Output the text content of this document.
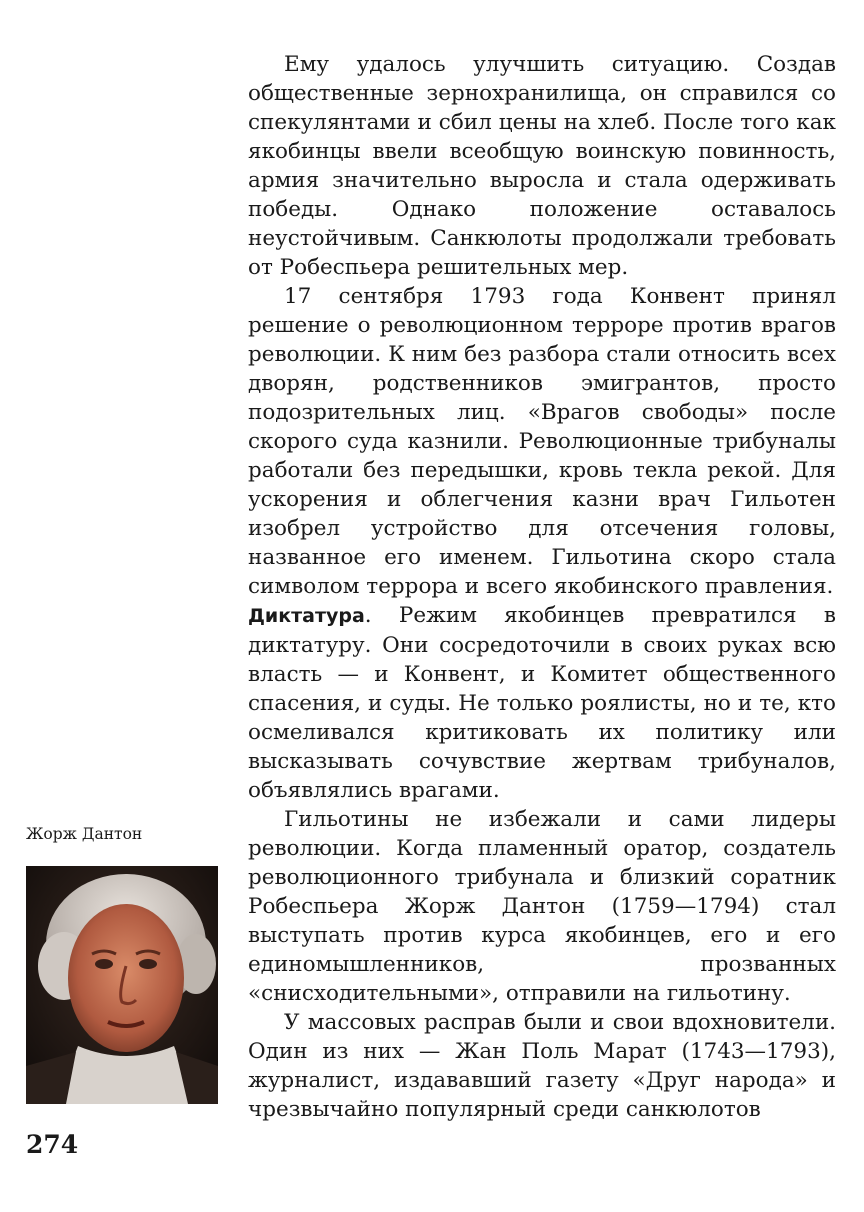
Ему удалось улучшить ситуацию. Создав общественные зернохранилища, он справился со спекулянтами и сбил цены на хлеб. После того как якобинцы ввели всеобщую воинскую повинность, армия значительно выросла и стала одерживать победы. Однако положение оставалось неустойчивым. Санкюлоты продолжали требовать от Робеспьера решительных мер.

17 сентября 1793 года Конвент принял решение о революционном терроре против врагов революции. К ним без разбора стали относить всех дворян, родственников эмигрантов, просто подозрительных лиц. «Врагов свободы» после скорого суда казнили. Революционные трибуналы работали без передышки, кровь текла рекой. Для ускорения и облегчения казни врач Гильотен изобрел устройство для отсечения головы, названное его именем. Гильотина скоро стала символом террора и всего якобинского правления.

Диктатура. Режим якобинцев превратился в диктатуру. Они сосредоточили в своих руках всю власть — и Конвент, и Комитет общественного спасения, и суды. Не только роялисты, но и те, кто осмеливался критиковать их политику или высказывать сочувствие жертвам трибуналов, объявлялись врагами.

Гильотины не избежали и сами лидеры революции. Когда пламенный оратор, создатель революционного трибунала и близкий соратник Робеспьера Жорж Дантон (1759—1794) стал выступать против курса якобинцев, его и его единомышленников, прозванных «снисходительными», отправили на гильотину.

У массовых расправ были и свои вдохновители. Один из них — Жан Поль Марат (1743—1793), журналист, издававший газету «Друг народа» и чрезвычайно популярный среди санкюлотов

Жорж Дантон
274
